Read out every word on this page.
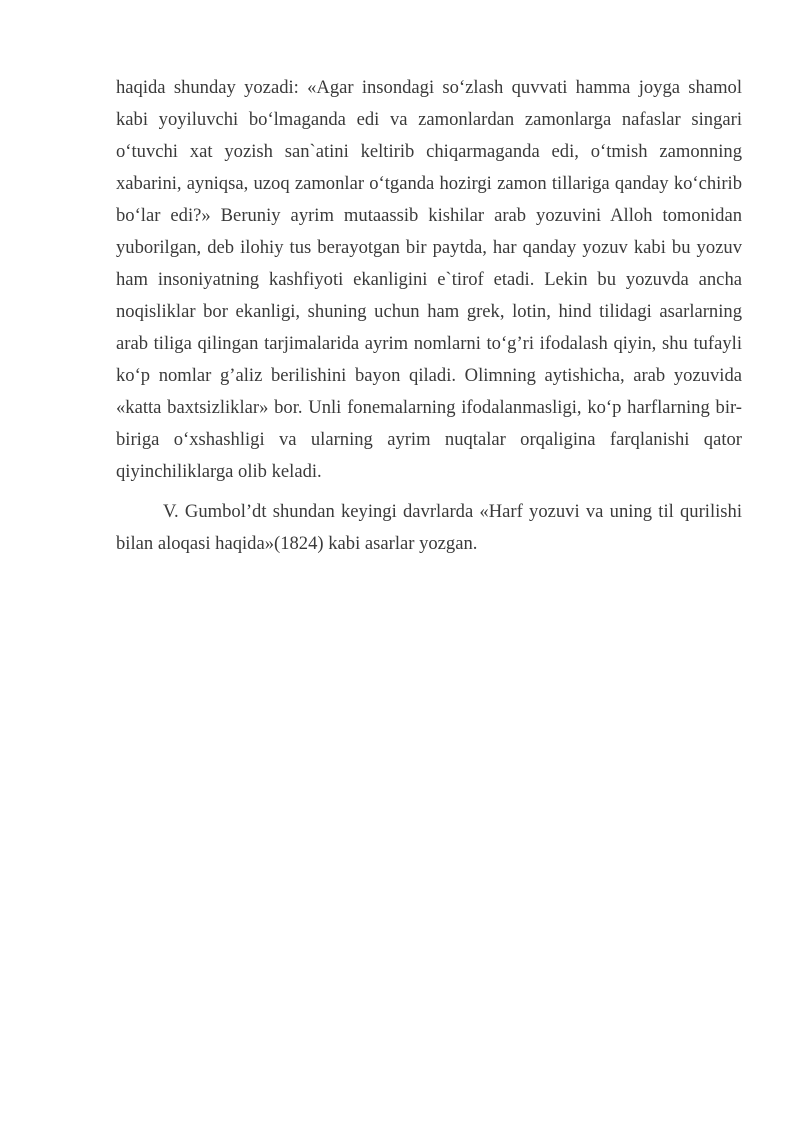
haqida shunday yozadi: «Agar insondagi so‘zlash quvvati hamma joyga shamol kabi yoyiluvchi bo‘lmaganda edi va zamonlardan zamonlarga nafaslar singari o‘tuvchi xat yozish san`atini keltirib chiqarmaganda edi, o‘tmish zamonning xabarini, ayniqsa, uzoq zamonlar o‘tganda hozirgi zamon tillariga qanday ko‘chirib bo‘lar edi?» Beruniy ayrim mutaassib kishilar arab yozuvini Alloh tomonidan yuborilgan, deb ilohiy tus berayotgan bir paytda, har qanday yozuv kabi bu yozuv ham insoniyatning kashfiyoti ekanligini e`tirof etadi. Lekin bu yozuvda ancha noqisliklar bor ekanligi, shuning uchun ham grek, lotin, hind tilidagi asarlarning arab tiliga qilingan tarjimalarida ayrim nomlarni to‘g’ri ifodalash qiyin, shu tufayli ko‘p nomlar g’aliz berilishini bayon qiladi. Olimning aytishicha, arab yozuvida «katta baxtsizliklar» bor. Unli fonemalarning ifodalanmasligi, ko‘p harflarning bir-biriga o‘xshashligi va ularning ayrim nuqtalar orqaligina farqlanishi qator qiyinchiliklarga olib keladi.

V. Gumbol’dt shundan keyingi davrlarda «Harf yozuvi va uning til qurilishi bilan aloqasi haqida»(1824) kabi asarlar yozgan.
